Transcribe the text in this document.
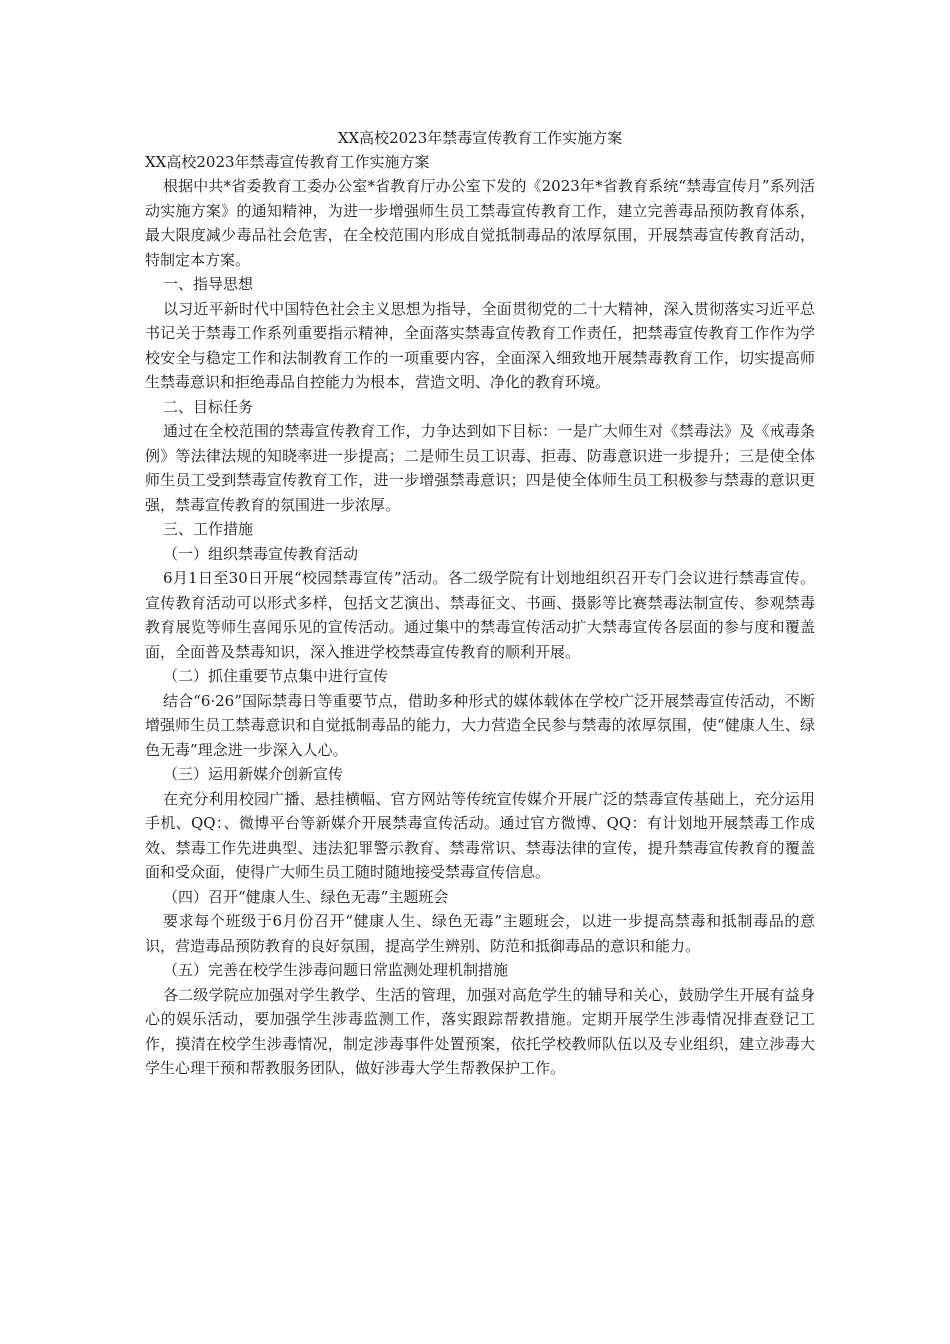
XX高校2023年禁毒宣传教育工作实施方案

XX高校2023年禁毒宣传教育工作实施方案

根据中共*省委教育工委办公室*省教育厅办公室下发的《2023年*省教育系统“禁毒宣传月”系列活动实施方案》的通知精神，为进一步增强师生员工禁毒宣传教育工作，建立完善毒品预防教育体系，最大限度减少毒品社会危害，在全校范围内形成自觉抵制毒品的浓厚氛围，开展禁毒宣传教育活动，特制定本方案。

一、指导思想

以习近平新时代中国特色社会主义思想为指导，全面贯彻党的二十大精神，深入贯彻落实习近平总书记关于禁毒工作系列重要指示精神，全面落实禁毒宣传教育工作责任，把禁毒宣传教育工作作为学校安全与稳定工作和法制教育工作的一项重要内容，全面深入细致地开展禁毒教育工作，切实提高师生禁毒意识和拒绝毒品自控能力为根本，营造文明、净化的教育环境。

二、目标任务

通过在全校范围的禁毒宣传教育工作，力争达到如下目标：一是广大师生对《禁毒法》及《戒毒条例》等法律法规的知晓率进一步提高；二是师生员工识毒、拒毒、防毒意识进一步提升；三是使全体师生员工受到禁毒宣传教育工作，进一步增强禁毒意识；四是使全体师生员工积极参与禁毒的意识更强，禁毒宣传教育的氛围进一步浓厚。

三、工作措施

（一）组织禁毒宣传教育活动

6月1日至30日开展“校园禁毒宣传”活动。各二级学院有计划地组织召开专门会议进行禁毒宣传。宣传教育活动可以形式多样，包括文艺演出、禁毒征文、书画、摄影等比赛禁毒法制宣传、参观禁毒教育展览等师生喜闻乐见的宣传活动。通过集中的禁毒宣传活动扩大禁毒宣传各层面的参与度和覆盖面，全面普及禁毒知识，深入推进学校禁毒宣传教育的顺利开展。

（二）抓住重要节点集中进行宣传

结合“6·26”国际禁毒日等重要节点，借助多种形式的媒体载体在学校广泛开展禁毒宣传活动，不断增强师生员工禁毒意识和自觉抵制毒品的能力，大力营造全民参与禁毒的浓厚氛围，使“健康人生、绿色无毒”理念进一步深入人心。

（三）运用新媒介创新宣传

在充分利用校园广播、悬挂横幅、官方网站等传统宣传媒介开展广泛的禁毒宣传基础上，充分运用手机、QQ：、微博平台等新媒介开展禁毒宣传活动。通过官方微博、QQ：有计划地开展禁毒工作成效、禁毒工作先进典型、违法犯罪警示教育、禁毒常识、禁毒法律的宣传，提升禁毒宣传教育的覆盖面和受众面，使得广大师生员工随时随地接受禁毒宣传信息。

（四）召开“健康人生、绿色无毒”主题班会

要求每个班级于6月份召开“健康人生、绿色无毒”主题班会，以进一步提高禁毒和抵制毒品的意识，营造毒品预防教育的良好氛围，提高学生辨别、防范和抵御毒品的意识和能力。

（五）完善在校学生涉毒问题日常监测处理机制措施

各二级学院应加强对学生教学、生活的管理，加强对高危学生的辅导和关心，鼓励学生开展有益身心的娱乐活动，要加强学生涉毒监测工作，落实跟踪帮教措施。定期开展学生涉毒情况排查登记工作，摸清在校学生涉毒情况，制定涉毒事件处置预案，依托学校教师队伍以及专业组织，建立涉毒大学生心理干预和帮教服务团队，做好涉毒大学生帮教保护工作。
